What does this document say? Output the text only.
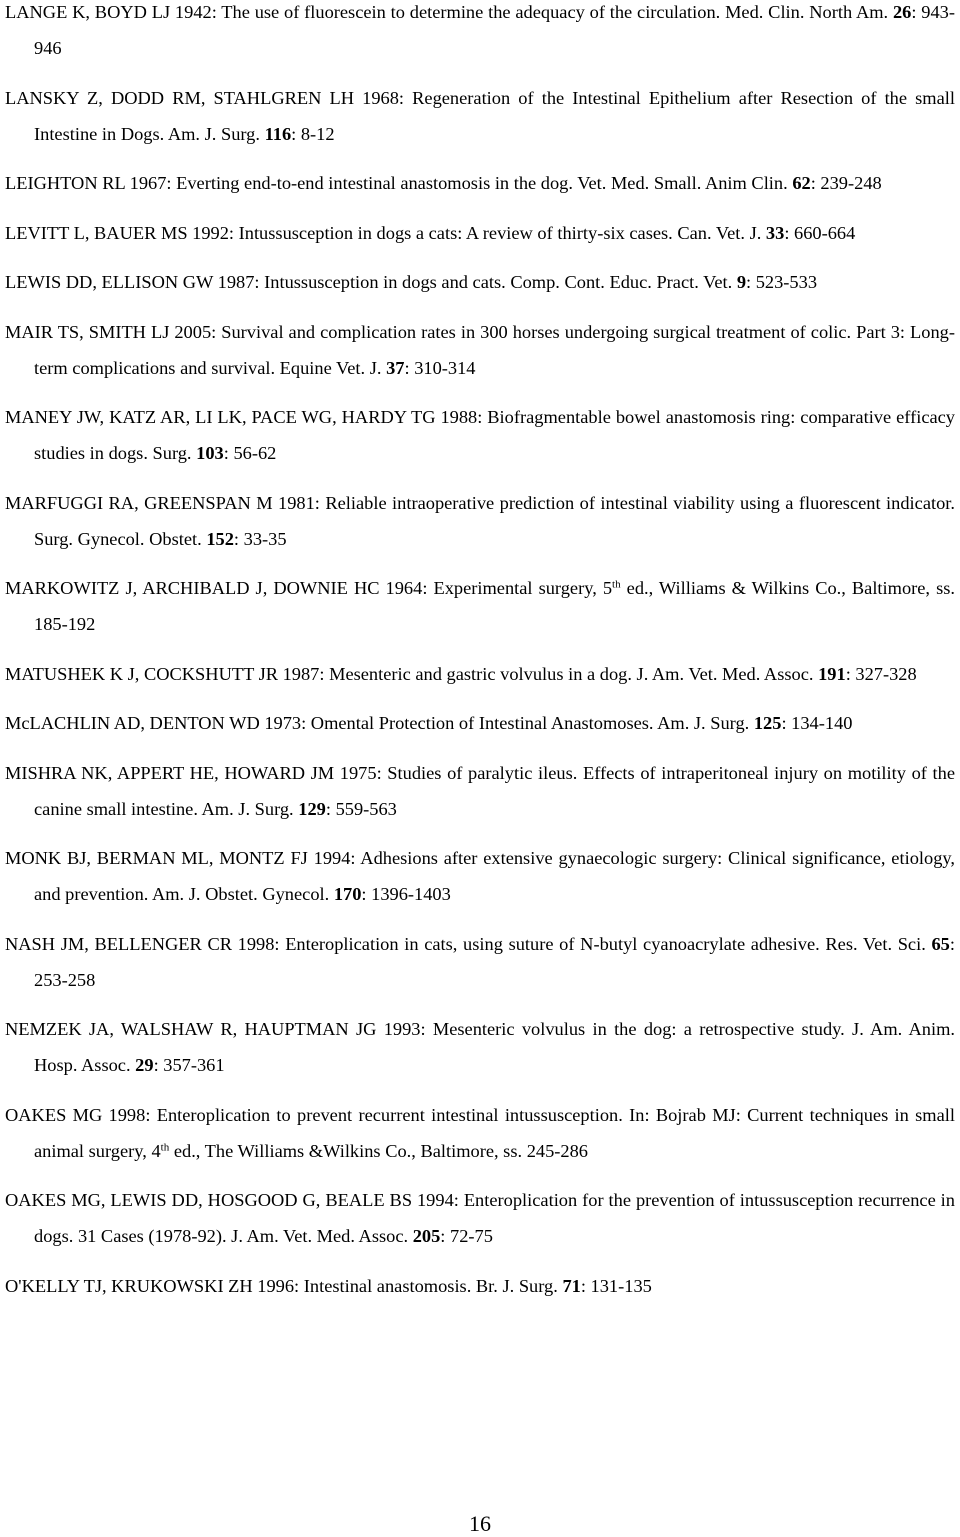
LANGE K, BOYD LJ 1942: The use of fluorescein to determine the adequacy of the circulation. Med. Clin. North Am. 26: 943-946
LANSKY Z, DODD RM, STAHLGREN LH 1968: Regeneration of the Intestinal Epithelium after Resection of the small Intestine in Dogs. Am. J. Surg. 116: 8-12
LEIGHTON RL 1967: Everting end-to-end intestinal anastomosis in the dog. Vet. Med. Small. Anim Clin. 62: 239-248
LEVITT L, BAUER MS 1992: Intussusception in dogs a cats: A review of thirty-six cases. Can. Vet. J. 33: 660-664
LEWIS DD, ELLISON GW 1987: Intussusception in dogs and cats. Comp. Cont. Educ. Pract. Vet. 9: 523-533
MAIR TS, SMITH LJ 2005: Survival and complication rates in 300 horses undergoing surgical treatment of colic. Part 3: Long-term complications and survival. Equine Vet. J. 37: 310-314
MANEY JW, KATZ AR, LI LK, PACE WG, HARDY TG 1988: Biofragmentable bowel anastomosis ring: comparative efficacy studies in dogs. Surg. 103: 56-62
MARFUGGI RA, GREENSPAN M 1981: Reliable intraoperative prediction of intestinal viability using a fluorescent indicator. Surg. Gynecol. Obstet. 152: 33-35
MARKOWITZ J, ARCHIBALD J, DOWNIE HC 1964: Experimental surgery, 5th ed., Williams & Wilkins Co., Baltimore, ss. 185-192
MATUSHEK K J, COCKSHUTT JR 1987: Mesenteric and gastric volvulus in a dog. J. Am. Vet. Med. Assoc. 191: 327-328
McLACHLIN AD, DENTON WD 1973: Omental Protection of Intestinal Anastomoses. Am. J. Surg. 125: 134-140
MISHRA NK, APPERT HE, HOWARD JM 1975: Studies of paralytic ileus. Effects of intraperitoneal injury on motility of the canine small intestine. Am. J. Surg. 129: 559-563
MONK BJ, BERMAN ML, MONTZ FJ 1994: Adhesions after extensive gynaecologic surgery: Clinical significance, etiology, and prevention. Am. J. Obstet. Gynecol. 170: 1396-1403
NASH JM, BELLENGER CR 1998: Enteroplication in cats, using suture of N-butyl cyanoacrylate adhesive. Res. Vet. Sci. 65: 253-258
NEMZEK JA, WALSHAW R, HAUPTMAN JG 1993: Mesenteric volvulus in the dog: a retrospective study. J. Am. Anim. Hosp. Assoc. 29: 357-361
OAKES MG 1998: Enteroplication to prevent recurrent intestinal intussusception. In: Bojrab MJ: Current techniques in small animal surgery, 4th ed., The Williams &Wilkins Co., Baltimore, ss. 245-286
OAKES MG, LEWIS DD, HOSGOOD G, BEALE BS 1994: Enteroplication for the prevention of intussusception recurrence in dogs. 31 Cases (1978-92). J. Am. Vet. Med. Assoc. 205: 72-75
O'KELLY TJ, KRUKOWSKI ZH 1996: Intestinal anastomosis. Br. J. Surg. 71: 131-135
16
